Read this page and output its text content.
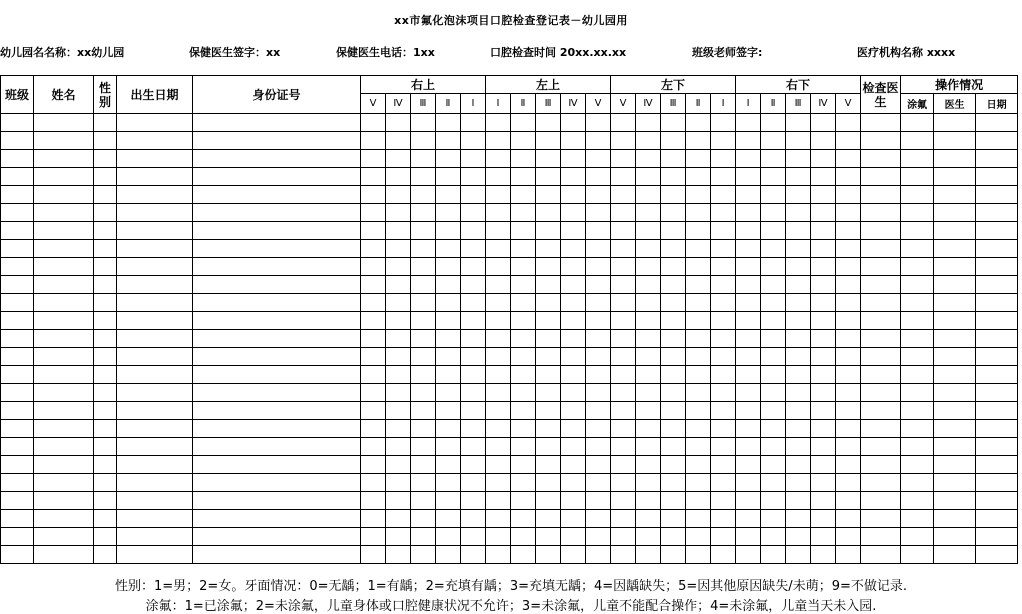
xx市氟化泡沫项目口腔检查登记表－幼儿园用
幼儿园名名称：xx幼儿园	保健医生签字：xx	保健医生电话：1xx	口腔检查时间 20xx.xx.xx	班级老师签字:	医疗机构名称 xxxx
班级	姓名	性别	出生日期	身份证号	右上					左上					左下					右下					检查医生	操作情况		
					Ⅴ	Ⅳ	Ⅲ	Ⅱ	Ⅰ	Ⅰ	Ⅱ	Ⅲ	Ⅳ	Ⅴ	Ⅴ	Ⅳ	Ⅲ	Ⅱ	Ⅰ	Ⅰ	Ⅱ	Ⅲ	Ⅳ	Ⅴ		涂氟	医生	日期

性别：1=男；2=女。牙面情况：0=无龋；1=有龋；2=充填有龋；3=充填无龋；4=因龋缺失；5=因其他原因缺失/未萌；9=不做记录.
涂氟：1=已涂氟；2=未涂氟，儿童身体或口腔健康状况不允许；3=未涂氟，儿童不能配合操作；4=未涂氟，儿童当天未入园.
